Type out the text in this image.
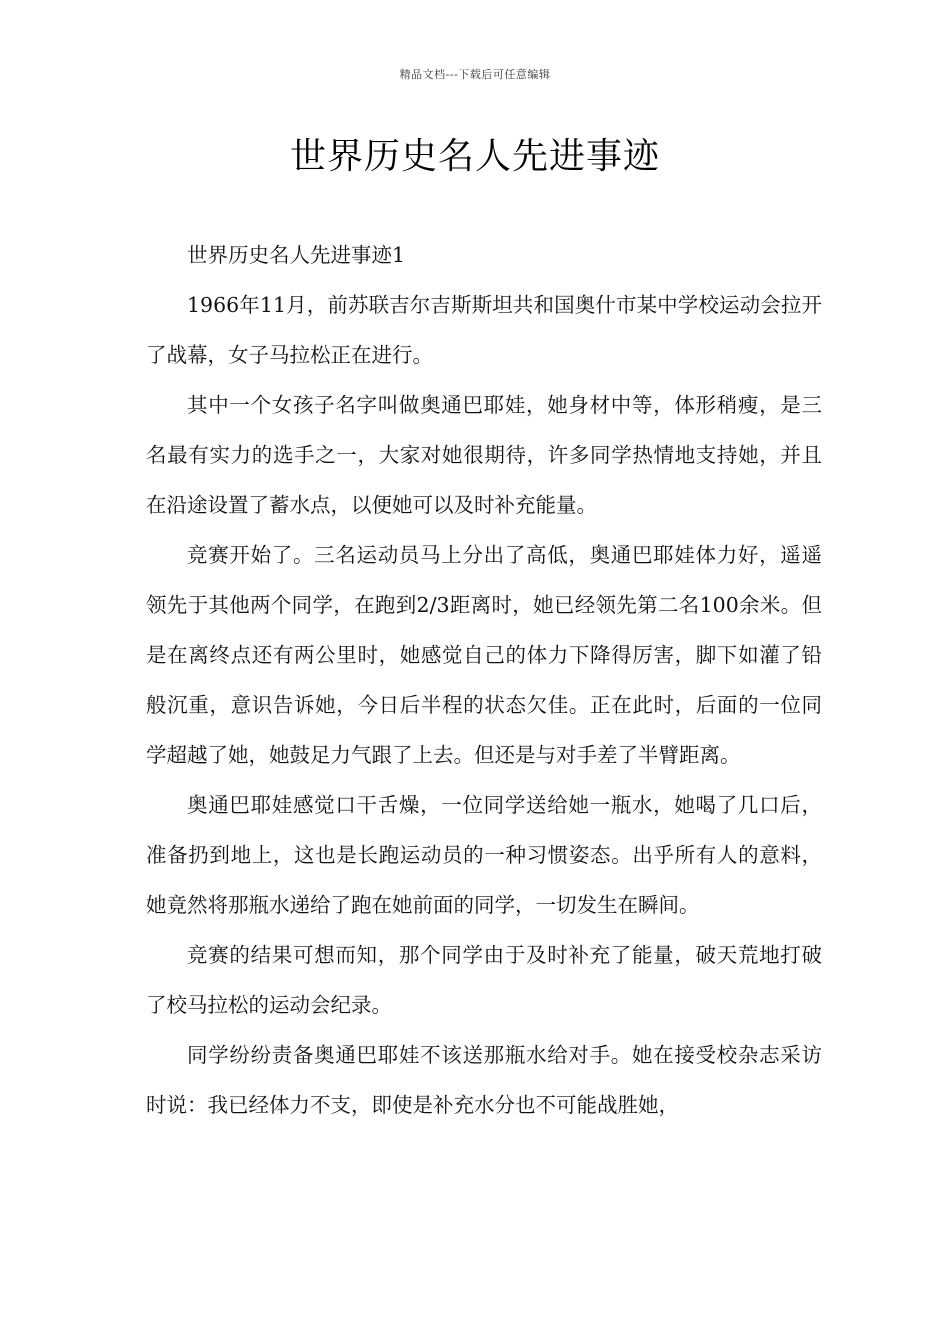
精品文档---下载后可任意编辑
世界历史名人先进事迹

世界历史名人先进事迹1

1966年11月，前苏联吉尔吉斯斯坦共和国奥什市某中学校运动会拉开了战幕，女子马拉松正在进行。

其中一个女孩子名字叫做奥通巴耶娃，她身材中等，体形稍瘦，是三名最有实力的选手之一，大家对她很期待，许多同学热情地支持她，并且在沿途设置了蓄水点，以便她可以及时补充能量。

竞赛开始了。三名运动员马上分出了高低，奥通巴耶娃体力好，遥遥领先于其他两个同学，在跑到2/3距离时，她已经领先第二名100余米。但是在离终点还有两公里时，她感觉自己的体力下降得厉害，脚下如灌了铅般沉重，意识告诉她，今日后半程的状态欠佳。正在此时，后面的一位同学超越了她，她鼓足力气跟了上去。但还是与对手差了半臂距离。

奥通巴耶娃感觉口干舌燥，一位同学送给她一瓶水，她喝了几口后，准备扔到地上，这也是长跑运动员的一种习惯姿态。出乎所有人的意料，她竟然将那瓶水递给了跑在她前面的同学，一切发生在瞬间。

竞赛的结果可想而知，那个同学由于及时补充了能量，破天荒地打破了校马拉松的运动会纪录。

同学纷纷责备奥通巴耶娃不该送那瓶水给对手。她在接受校杂志采访时说：我已经体力不支，即使是补充水分也不可能战胜她，
